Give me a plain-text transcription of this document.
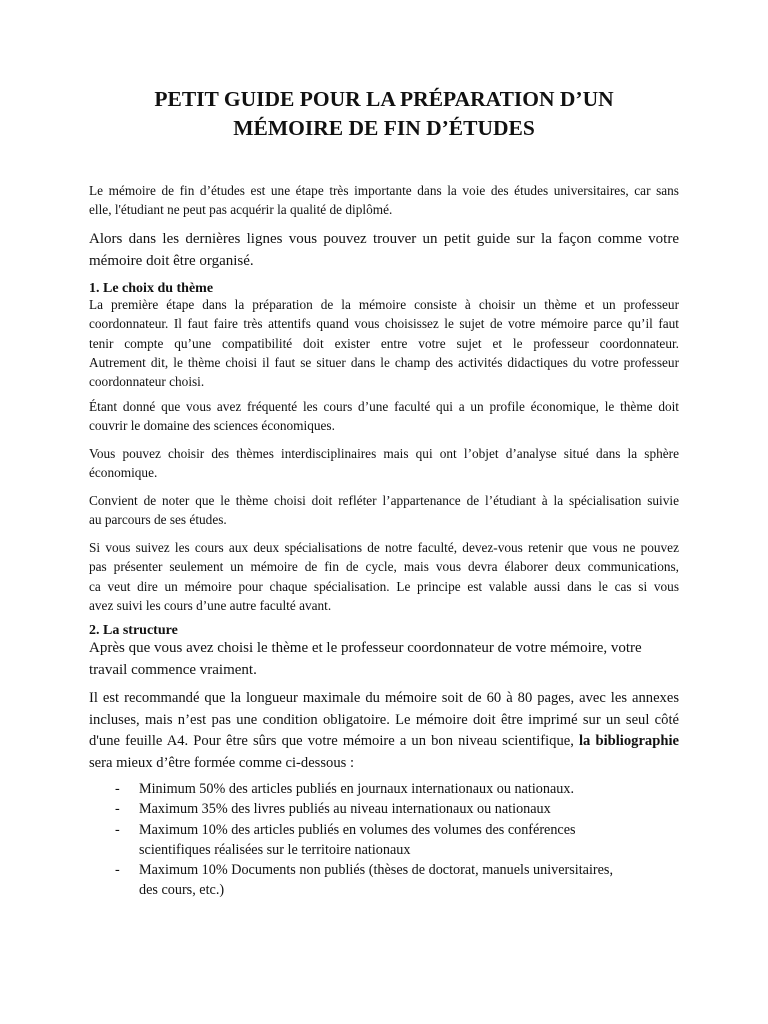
PETIT GUIDE POUR LA PRÉPARATION D’UN
MÉMOIRE DE FIN D’ÉTUDES

Le mémoire de fin d’études est une étape très importante dans la voie des études universitaires, car sans
elle, l'étudiant ne peut pas acquérir la qualité de diplômé.

Alors dans les dernières lignes vous pouvez trouver un petit guide sur la façon comme votre
mémoire doit être organisé.

1. Le choix du thème

La première étape dans la préparation de la mémoire consiste à choisir un thème et un professeur
coordonnateur. Il faut faire très attentifs quand vous choisissez le sujet de votre mémoire parce qu’il faut
tenir compte qu’une compatibilité doit exister entre votre sujet et le professeur coordonnateur.
Autrement dit, le thème choisi il faut se situer dans le champ des activités didactiques du votre professeur
coordonnateur choisi.

Étant donné que vous avez fréquenté les cours d’une faculté qui a un profile économique, le thème doit
couvrir le domaine des sciences économiques.

Vous pouvez choisir des thèmes interdisciplinaires mais qui ont l’objet d’analyse situé dans la sphère
économique.

Convient de noter que le thème choisi doit refléter l’appartenance de l’étudiant à la spécialisation suivie
au parcours de ses études.

Si vous suivez les cours aux deux spécialisations de notre faculté, devez-vous retenir que vous ne pouvez
pas présenter seulement un mémoire de fin de cycle, mais vous devra élaborer deux communications,
ca veut dire un mémoire pour chaque spécialisation. Le principe est valable aussi dans le cas si vous
avez suivi les cours d’une autre faculté avant.

2. La structure

Après que vous avez choisi le thème et le professeur coordonnateur de votre mémoire, votre
travail commence vraiment.

Il est recommandé que la longueur maximale du mémoire soit de 60 à 80 pages, avec les annexes
incluses, mais n’est pas une condition obligatoire. Le mémoire doit être imprimé sur un seul côté
d'une feuille A4. Pour être sûrs que votre mémoire a un bon niveau scientifique, la bibliographie
sera mieux d’être formée comme ci-dessous :

- Minimum 50% des articles publiés en journaux internationaux ou nationaux.
- Maximum 35% des livres publiés au niveau internationaux ou nationaux
- Maximum 10% des articles publiés en volumes des volumes des conférences
scientifiques réalisées sur le territoire nationaux
- Maximum 10% Documents non publiés (thèses de doctorat, manuels universitaires,
des cours, etc.)
